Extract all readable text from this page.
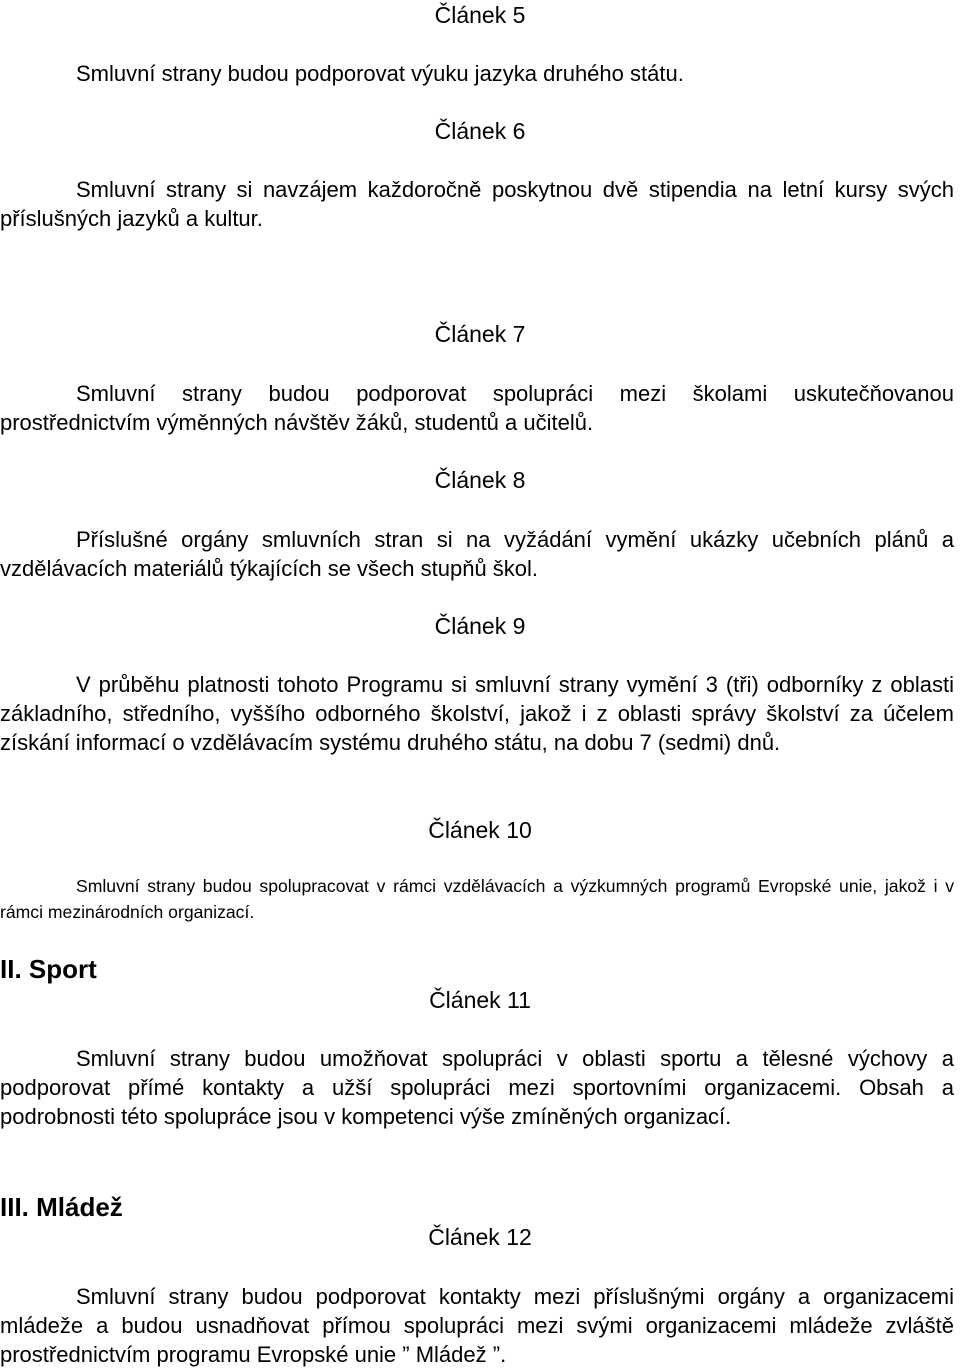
Článek 5

Smluvní strany budou podporovat výuku jazyka druhého státu.

Článek 6

Smluvní strany si navzájem každoročně poskytnou dvě stipendia na letní kursy svých příslušných jazyků a kultur.

Článek 7

Smluvní strany budou podporovat spolupráci mezi školami uskutečňovanou prostřednictvím výměnných návštěv žáků, studentů a učitelů.

Článek 8

Příslušné orgány smluvních stran si na vyžádání vymění ukázky učebních plánů a vzdělávacích materiálů týkajících se všech stupňů škol.

Článek 9

V průběhu platnosti tohoto Programu si smluvní strany vymění 3 (tři) odborníky z oblasti základního, středního, vyššího odborného školství, jakož i z oblasti správy školství za účelem získání informací o vzdělávacím systému druhého státu, na dobu 7 (sedmi) dnů.

Článek 10

Smluvní strany budou spolupracovat v rámci vzdělávacích a výzkumných programů Evropské unie, jakož i v rámci mezinárodních organizací.

II. Sport
Článek 11

Smluvní strany budou umožňovat spolupráci v oblasti sportu a tělesné výchovy a podporovat přímé kontakty a užší spolupráci mezi sportovními organizacemi. Obsah a podrobnosti této spolupráce jsou v kompetenci výše zmíněných organizací.

III. Mládež
Článek 12

Smluvní strany budou podporovat kontakty mezi příslušnými orgány a organizacemi mládeže a budou usnadňovat přímou spolupráci mezi svými organizacemi mládeže zvláště prostřednictvím programu Evropské unie ” Mládež ”.
